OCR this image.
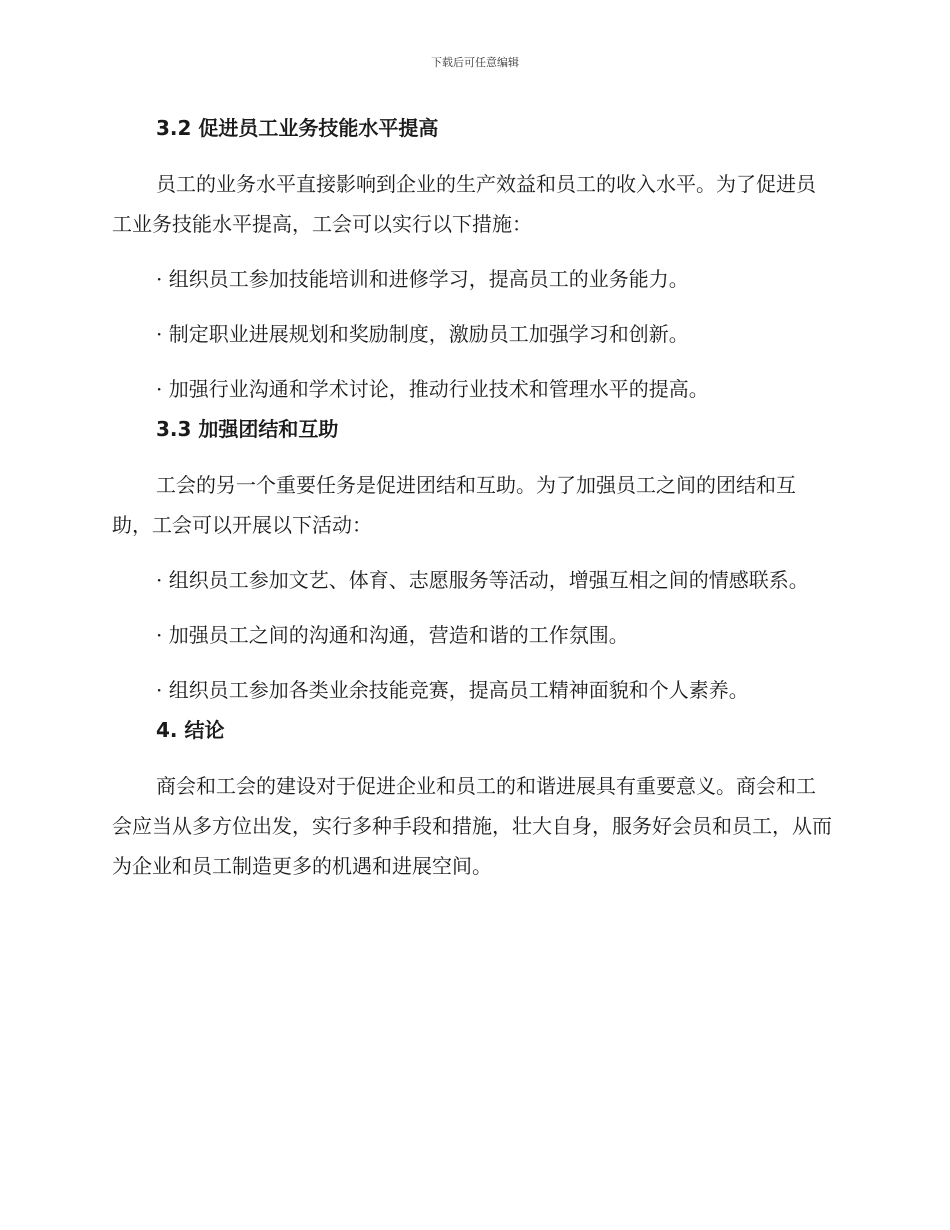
下载后可任意编辑
3.2 促进员工业务技能水平提高

员工的业务水平直接影响到企业的生产效益和员工的收入水平。为了促进员工业务技能水平提高，工会可以实行以下措施：

· 组织员工参加技能培训和进修学习，提高员工的业务能力。

· 制定职业进展规划和奖励制度，激励员工加强学习和创新。

· 加强行业沟通和学术讨论，推动行业技术和管理水平的提高。

3.3 加强团结和互助

工会的另一个重要任务是促进团结和互助。为了加强员工之间的团结和互助，工会可以开展以下活动：

· 组织员工参加文艺、体育、志愿服务等活动，增强互相之间的情感联系。

· 加强员工之间的沟通和沟通，营造和谐的工作氛围。

· 组织员工参加各类业余技能竞赛，提高员工精神面貌和个人素养。

4. 结论

商会和工会的建设对于促进企业和员工的和谐进展具有重要意义。商会和工会应当从多方位出发，实行多种手段和措施，壮大自身，服务好会员和员工，从而为企业和员工制造更多的机遇和进展空间。
